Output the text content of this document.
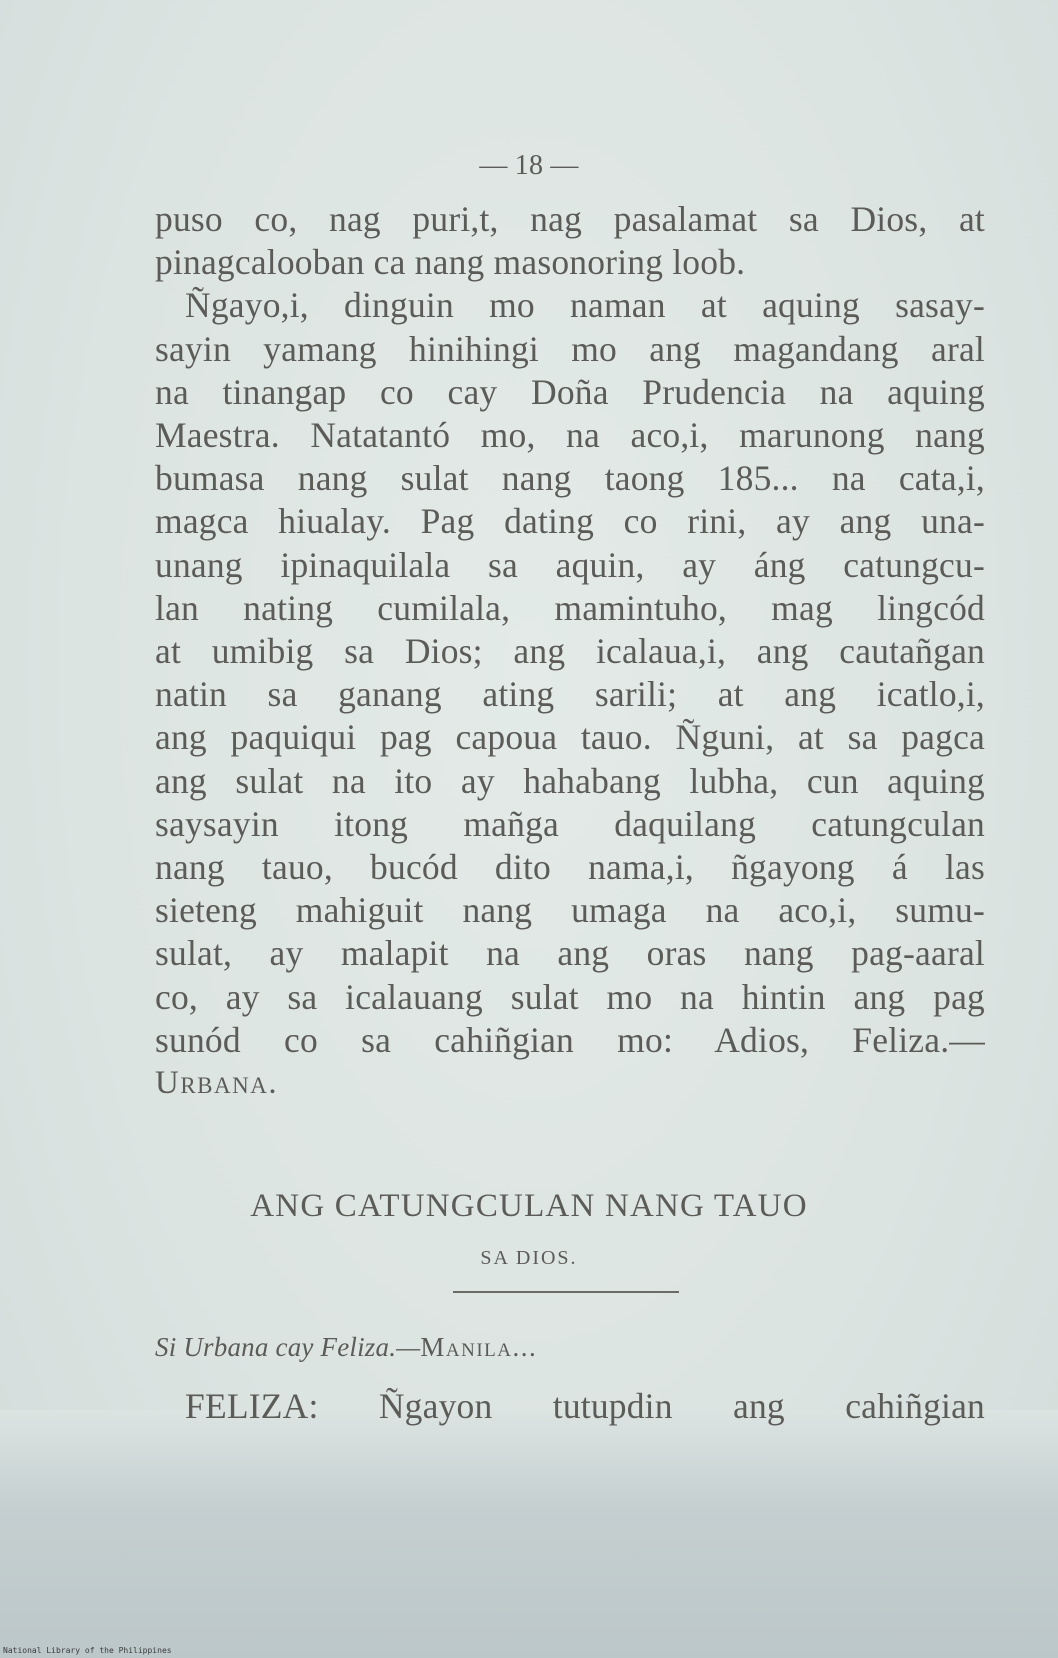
— 18 —
puso co, nag puri,t, nag pasalamat sa Dios, at
pinagcalooban ca nang masonoring loob.
Ñgayo,i, dinguin mo naman at aquing sasay-
sayin yamang hinihingi mo ang magandang aral
na tinangap co cay Doña Prudencia na aquing
Maestra. Natatantó mo, na aco,i, marunong nang
bumasa nang sulat nang taong 185... na cata,i,
magca hiualay. Pag dating co rini, ay ang una-
unang ipinaquilala sa aquin, ay áng catungcu-
lan nating cumilala, mamintuho, mag lingcód
at umibig sa Dios; ang icalaua,i, ang cautañgan
natin sa ganang ating sarili; at ang icatlo,i,
ang paquiqui pag capoua tauo. Ñguni, at sa pagca
ang sulat na ito ay hahabang lubha, cun aquing
saysayin itong mañga daquilang catungculan
nang tauo, bucód dito nama,i, ñgayong á las
sieteng mahiguit nang umaga na aco,i, sumu-
sulat, ay malapit na ang oras nang pag-aaral
co, ay sa icalauang sulat mo na hintin ang pag
sunód co sa cahiñgian mo: Adios, Feliza.—
Urbana.
ANG CATUNGCULAN NANG TAUO
SA DIOS.
Si Urbana cay Feliza.—Manila...
FELIZA: Ñgayon tutupdin ang cahiñgian
National Library of the Philippines
